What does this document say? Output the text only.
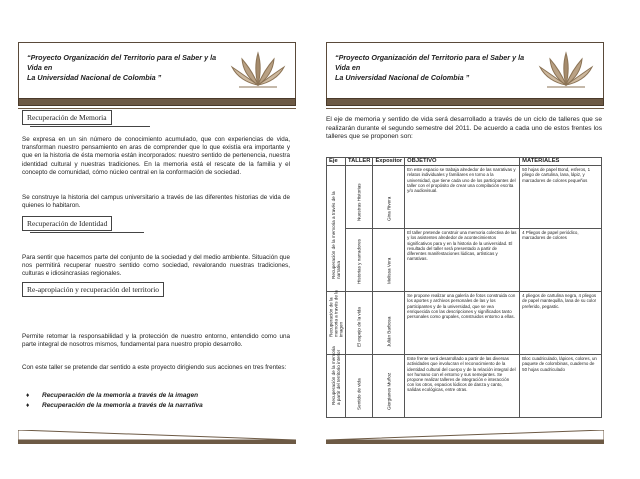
“Proyecto Organización del Territorio para el Saber y la Vida en
La Universidad Nacional de Colombia ”
Recuperación de Memoria
Se expresa en un sin número de conocimiento acumulado, que con experiencias de vida, transforman nuestro pensamiento en aras de comprender que lo que existía era importante y que en la historia de ésta memoria están incorporados: nuestro sentido de pertenencia, nuestra identidad cultural y nuestras tradiciones. En la memoria está el rescate de la familia y el concepto de comunidad, cómo núcleo central en la conformación de sociedad.
Se construye la historia del campus universitario a través de las diferentes historias de vida de quienes lo habitaron.
Recuperación de Identidad
Para sentir que hacemos parte del conjunto de la sociedad y del medio ambiente. Situación que nos permitirá recuperar nuestro sentido como sociedad, revalorando nuestras tradiciones, culturas e idiosincrasias regionales.
Re-apropiación y recuperación del territorio
Permite retomar la responsabilidad y la protección de nuestro entorno, entendido como una parte integral de nosotros mismos, fundamental para nuestro propio desarrollo.
Con este taller se pretende dar sentido a este proyecto dirigiendo sus acciones en tres frentes:
♦ Recuperación de la memoria a través de la imagen
♦ Recuperación de la memoria a través de la narrativa
“Proyecto Organización del Territorio para el Saber y la Vida en
La Universidad Nacional de Colombia ”
El eje de memoria y sentido de vida será desarrollado a través de un ciclo de talleres que se realizarán durante el segundo semestre del 2011. De acuerdo a cada uno de estos frentes los talleres que se proponen son:
Eje	TALLER	Expositor	OBJETIVO	MATERIALES

Recuperación de la memoria a través de la narrativa	Nuestras Historias	Gina Rivera	En este espacio se trabaja alrededor de las narrativas y relatos individuales y familiares en torno a la universidad, que tiene cada uno de los participantes del taller con el propósito de crear una compilación escrita y/o audiovisual.	50 hojas de papel Bond, esferos, 1 pliego de cartulina, lana, lápiz, y marcadores de colores pequeños

	Historias y narradores	Melissa Vera	El taller pretende construir una memoria colectiva de las y los asistentes alrededor de acontecimientos significativos para y en la historia de la universidad. El resultado del taller será presentado a partir de diferentes manifestaciones lúdicas, artísticas y narrativas.	4 Pliegos de papel periódico, marcadores de colores

Recuperación de la memoria a través de la imagen	El espejo de la vida	Julián Barbosa	Se propone realizar una galería de fotos construida con los aportes y archivos personales de las y los participantes y de la universidad, que se vea enriquecida con las descripciones y significados tanto personales como grupales, construidos entorno a ellas.	4 pliegos de cartulina negra, 4 pliegos de papel mantequilla, lana de su color preferido, pegastic.

Recuperación de la memoria a partir del territorio interior	Sentido de vida	Giorgianes Muñoz	Este frente será desarrollado a partir de las diversas actividades que involucran el reconocimiento de la identidad cultural del cuerpo y de la relación integral del ser humano con el entorno y sus semejantes. Se propone realizar talleres de integración e interacción con los otros, espacios lúdicos de danza y canto, salidas ecológicas, entre otras.	Bloc cuadriculado, lápices, colores, un paquete de colombinas, cuaderno de 50 hojas cuadriculado
